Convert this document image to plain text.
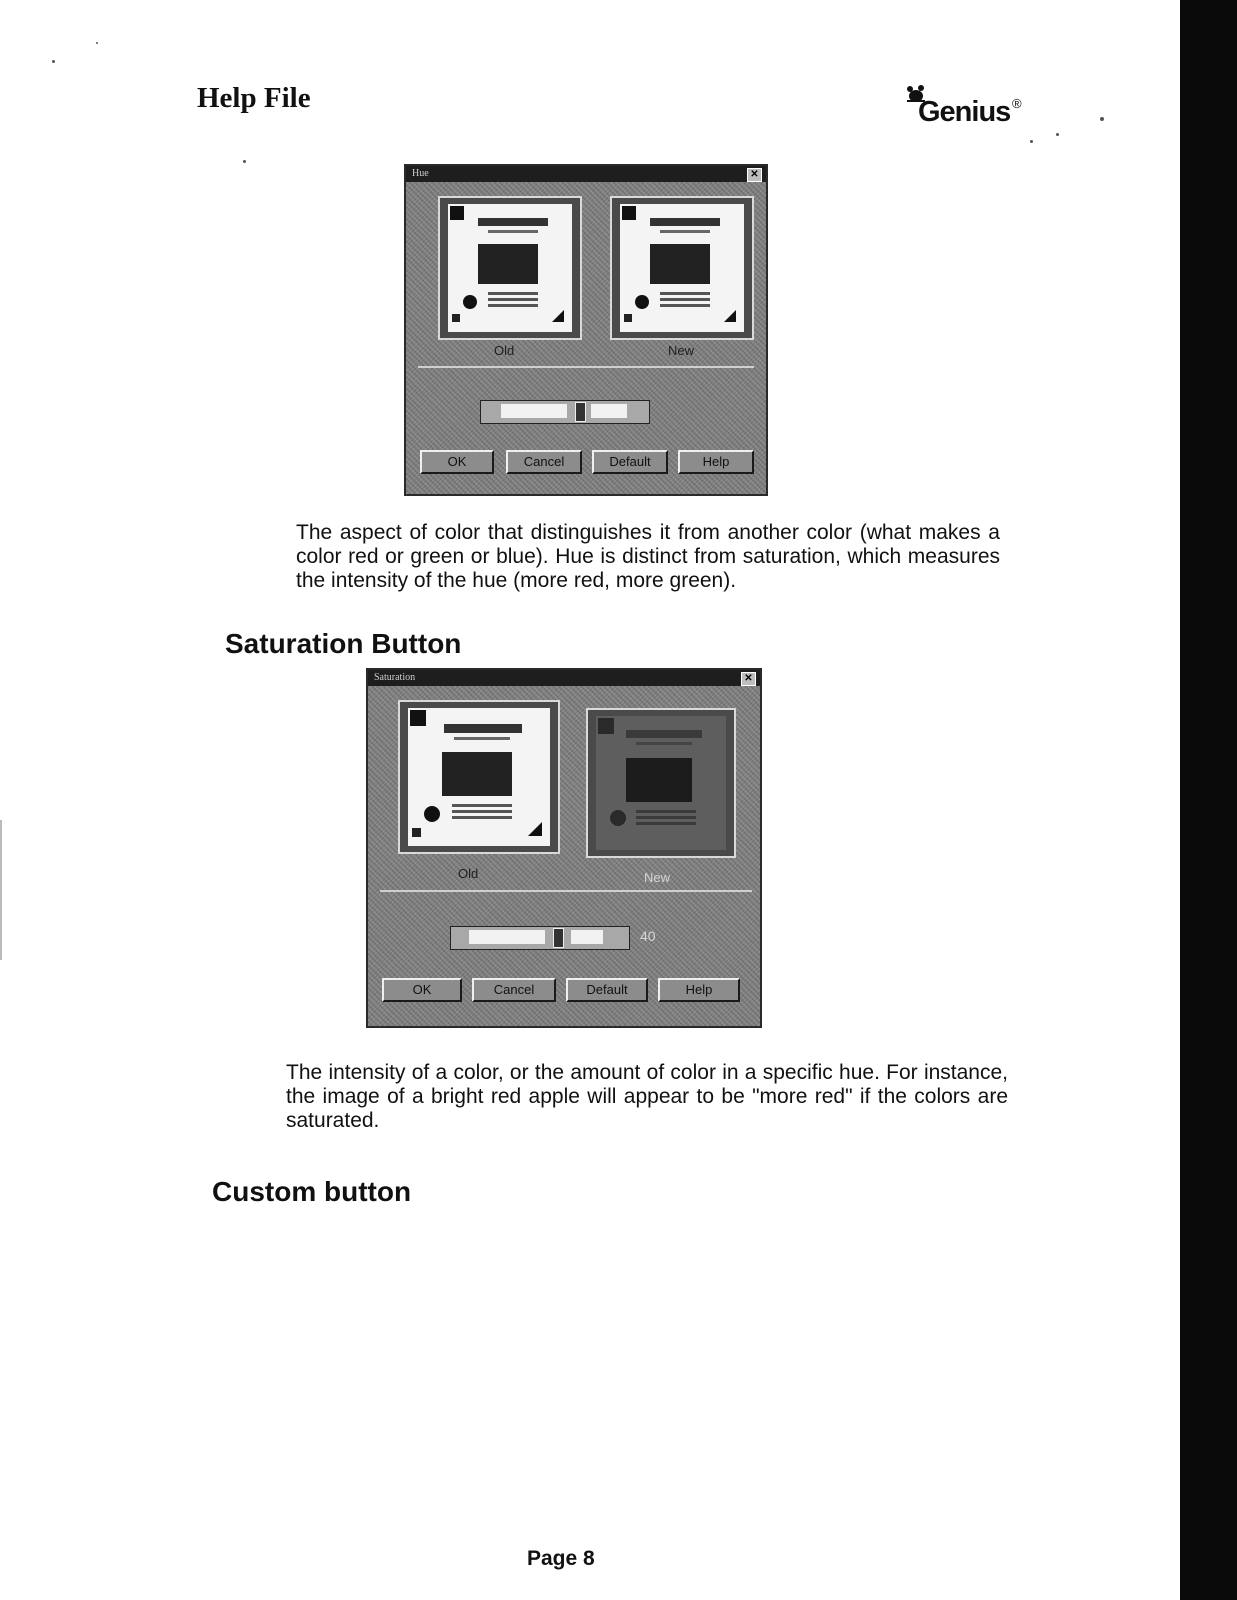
Help File	Genius ®
Hue	✕
Old	New
OK	Cancel	Default	Help
The aspect of color that distinguishes it from another color (what makes a color red or green or blue). Hue is distinct from saturation, which measures the intensity of the hue (more red, more green).
Saturation Button
Saturation	✕
Old	New
40
OK	Cancel	Default	Help
The intensity of a color, or the amount of color in a specific hue. For instance, the image of a bright red apple will appear to be "more red" if the colors are saturated.
Custom button
Page 8
